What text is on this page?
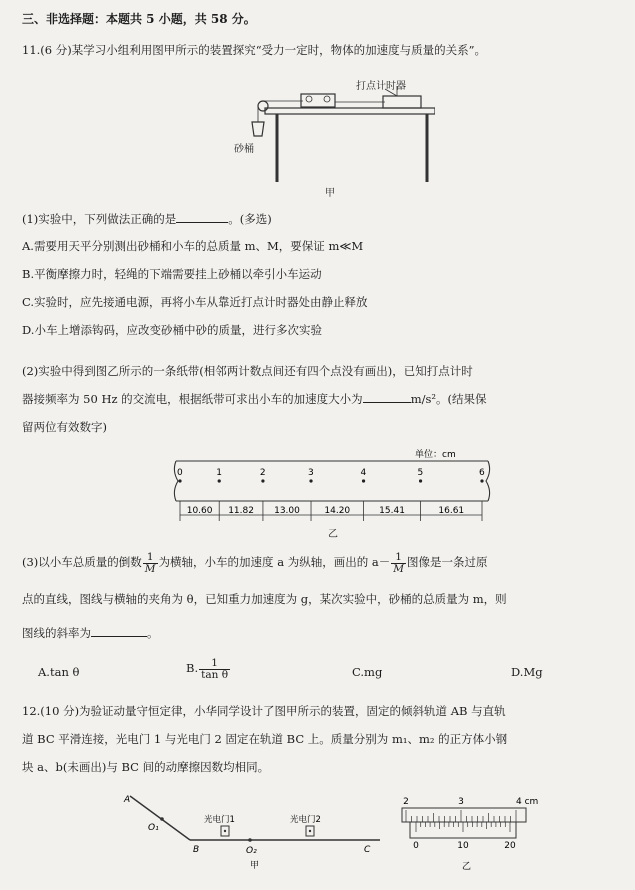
三、非选择题：本题共 5 小题，共 58 分。
11.(6 分)某学习小组利用图甲所示的装置探究“受力一定时，物体的加速度与质量的关系”。
打点计时器
砂桶
甲
(1)实验中，下列做法正确的是	。(多选)
A.需要用天平分别测出砂桶和小车的总质量 m、M，要保证 m≪M
B.平衡摩擦力时，轻绳的下端需要挂上砂桶以牵引小车运动
C.实验时，应先接通电源，再将小车从靠近打点计时器处由静止释放
D.小车上增添钩码，应改变砂桶中砂的质量，进行多次实验
(2)实验中得到图乙所示的一条纸带(相邻两计数点间还有四个点没有画出)，已知打点计时
器接频率为 50 Hz 的交流电，根据纸带可求出小车的加速度大小为	m/s²。(结果保
留两位有效数字)
单位：cm
0	1	2	3	4	5	6
10.60 11.82 13.00	14.20	15.41	16.61
乙
(3)以小车总质量的倒数 $\frac{1}{M}$ 为横轴，小车的加速度 a 为纵轴，画出的 $a- \frac{1}{M}$ 图像是一条过原
点的直线，图线与横轴的夹角为 θ，已知重力加速度为 g，某次实验中，砂桶的总质量为 m，则
图线的斜率为	。
A.tan θ	B. $\frac{1}{\text{tan θ}}$	C.mg	D.Mg
12.(10 分)为验证动量守恒定律，小华同学设计了图甲所示的装置，固定的倾斜轨道 AB 与直轨
道 BC 平滑连接，光电门 1 与光电门 2 固定在轨道 BC 上。质量分别为 m₁、m₂ 的正方体小钢
块 a、b(未画出)与 BC 间的动摩擦因数均相同。
A
O₁
B	O₂	C
光电门1	光电门2
甲
2	3	4 cm
0	10	20
乙
